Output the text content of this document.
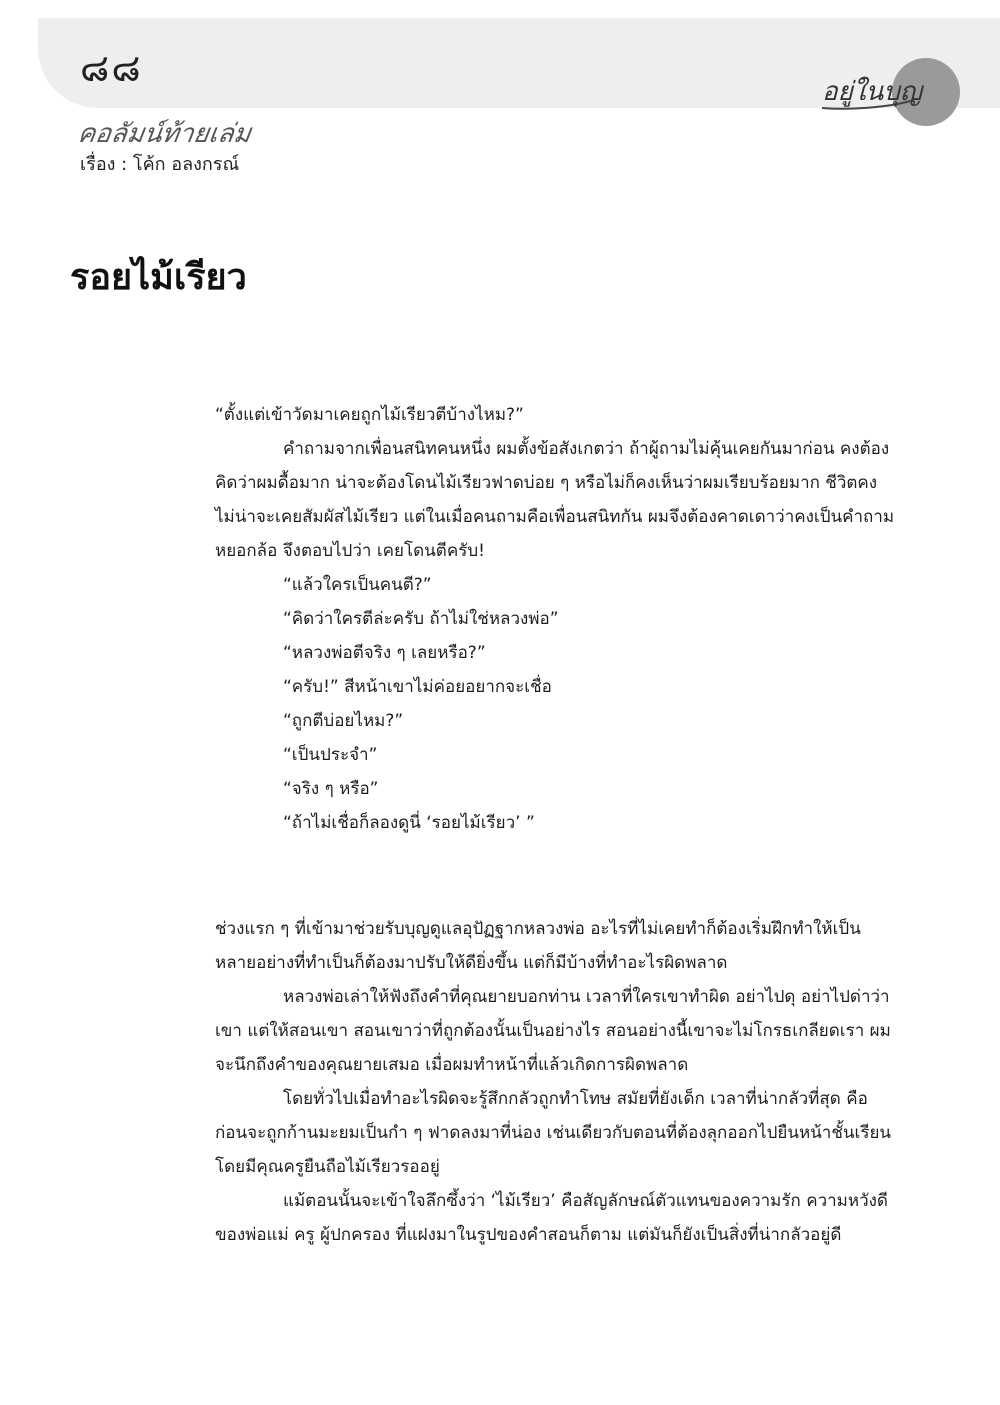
๘๘
อยู่ในบุญ
คอลัมน์ท้ายเล่ม
เรื่อง : โค้ก อลงกรณ์
รอยไม้เรียว

“ตั้งแต่เข้าวัดมาเคยถูกไม้เรียวตีบ้างไหม?”

คำถามจากเพื่อนสนิทคนหนึ่ง ผมตั้งข้อสังเกตว่า ถ้าผู้ถามไม่คุ้นเคยกันมาก่อน คงต้องคิดว่าผมดื้อมาก น่าจะต้องโดนไม้เรียวฟาดบ่อย ๆ หรือไม่ก็คงเห็นว่าผมเรียบร้อยมาก ชีวิตคงไม่น่าจะเคยสัมผัสไม้เรียว แต่ในเมื่อคนถามคือเพื่อนสนิทกัน ผมจึงต้องคาดเดาว่าคงเป็นคำถามหยอกล้อ จึงตอบไปว่า เคยโดนตีครับ!

“แล้วใครเป็นคนตี?”

“คิดว่าใครตีล่ะครับ ถ้าไม่ใช่หลวงพ่อ”

“หลวงพ่อตีจริง ๆ เลยหรือ?”

“ครับ!” สีหน้าเขาไม่ค่อยอยากจะเชื่อ

“ถูกตีบ่อยไหม?”

“เป็นประจำ”

“จริง ๆ หรือ”

“ถ้าไม่เชื่อก็ลองดูนี่ ‘รอยไม้เรียว’ ”

ช่วงแรก ๆ ที่เข้ามาช่วยรับบุญดูแลอุปัฏฐากหลวงพ่อ อะไรที่ไม่เคยทำก็ต้องเริ่มฝึกทำให้เป็น หลายอย่างที่ทำเป็นก็ต้องมาปรับให้ดียิ่งขึ้น แต่ก็มีบ้างที่ทำอะไรผิดพลาด

หลวงพ่อเล่าให้ฟังถึงคำที่คุณยายบอกท่าน เวลาที่ใครเขาทำผิด อย่าไปดุ อย่าไปด่าว่าเขา แต่ให้สอนเขา สอนเขาว่าที่ถูกต้องนั้นเป็นอย่างไร สอนอย่างนี้เขาจะไม่โกรธเกลียดเรา ผมจะนึกถึงคำของคุณยายเสมอ เมื่อผมทำหน้าที่แล้วเกิดการผิดพลาด

โดยทั่วไปเมื่อทำอะไรผิดจะรู้สึกกลัวถูกทำโทษ สมัยที่ยังเด็ก เวลาที่น่ากลัวที่สุด คือ ก่อนจะถูกก้านมะยมเป็นกำ ๆ ฟาดลงมาที่น่อง เช่นเดียวกับตอนที่ต้องลุกออกไปยืนหน้าชั้นเรียน โดยมีคุณครูยืนถือไม้เรียวรออยู่

แม้ตอนนั้นจะเข้าใจลึกซึ้งว่า ‘ไม้เรียว’ คือสัญลักษณ์ตัวแทนของความรัก ความหวังดี ของพ่อแม่ ครู ผู้ปกครอง ที่แฝงมาในรูปของคำสอนก็ตาม แต่มันก็ยังเป็นสิ่งที่น่ากลัวอยู่ดี
